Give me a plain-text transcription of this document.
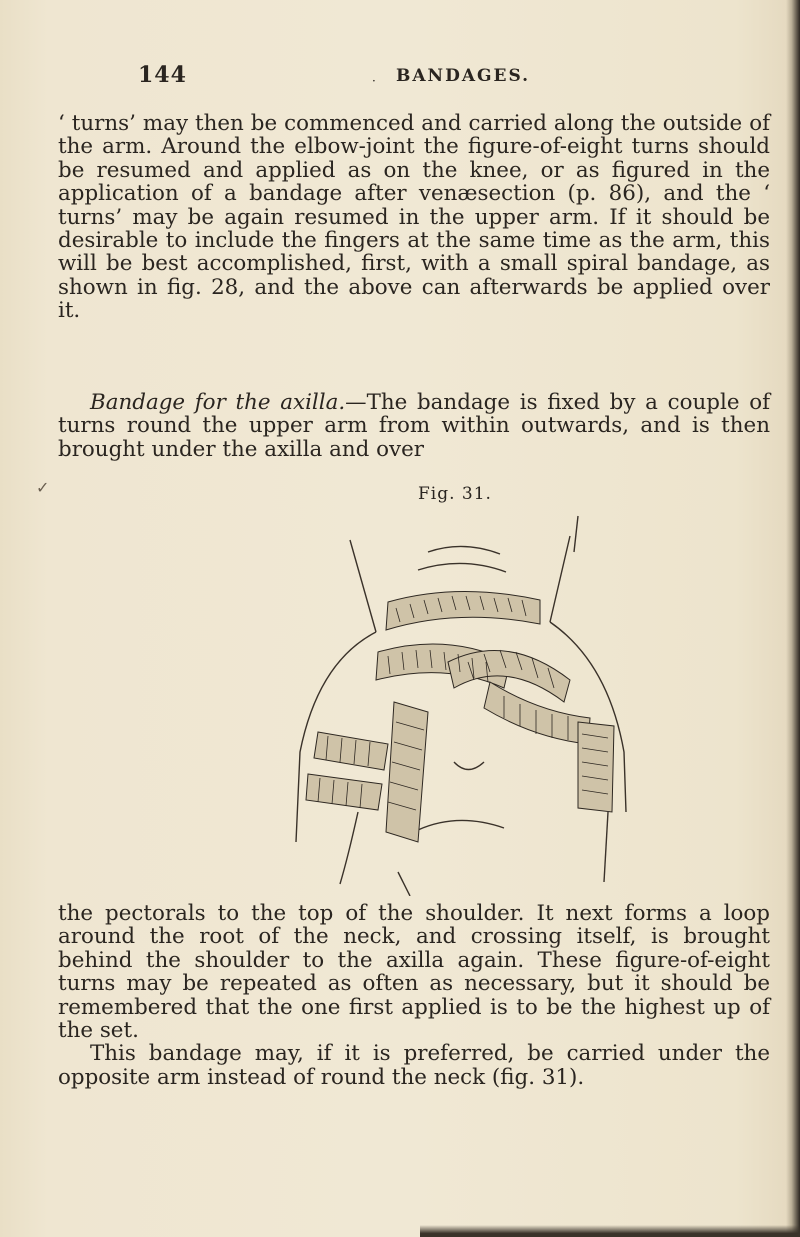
144	· BANDAGES.

‘ turns’ may then be commenced and carried along the outside of the arm. Around the elbow-joint the figure-of-eight turns should be resumed and applied as on the knee, or as figured in the application of a bandage after venæsection (p. 86), and the ‘ turns’ may be again resumed in the upper arm. If it should be desirable to include the fingers at the same time as the arm, this will be best accomplished, first, with a small spiral bandage, as shown in fig. 28, and the above can afterwards be applied over it.

Bandage for the axilla.—The bandage is fixed by a couple of turns round the upper arm from within outwards, and is then brought under the axilla and over

✓	Fig. 31.

the pectorals to the top of the shoulder. It next forms a loop around the root of the neck, and crossing itself, is brought behind the shoulder to the axilla again. These figure-of-eight turns may be repeated as often as necessary, but it should be remembered that the one first applied is to be the highest up of the set.

This bandage may, if it is preferred, be carried under the opposite arm instead of round the neck (fig. 31).
